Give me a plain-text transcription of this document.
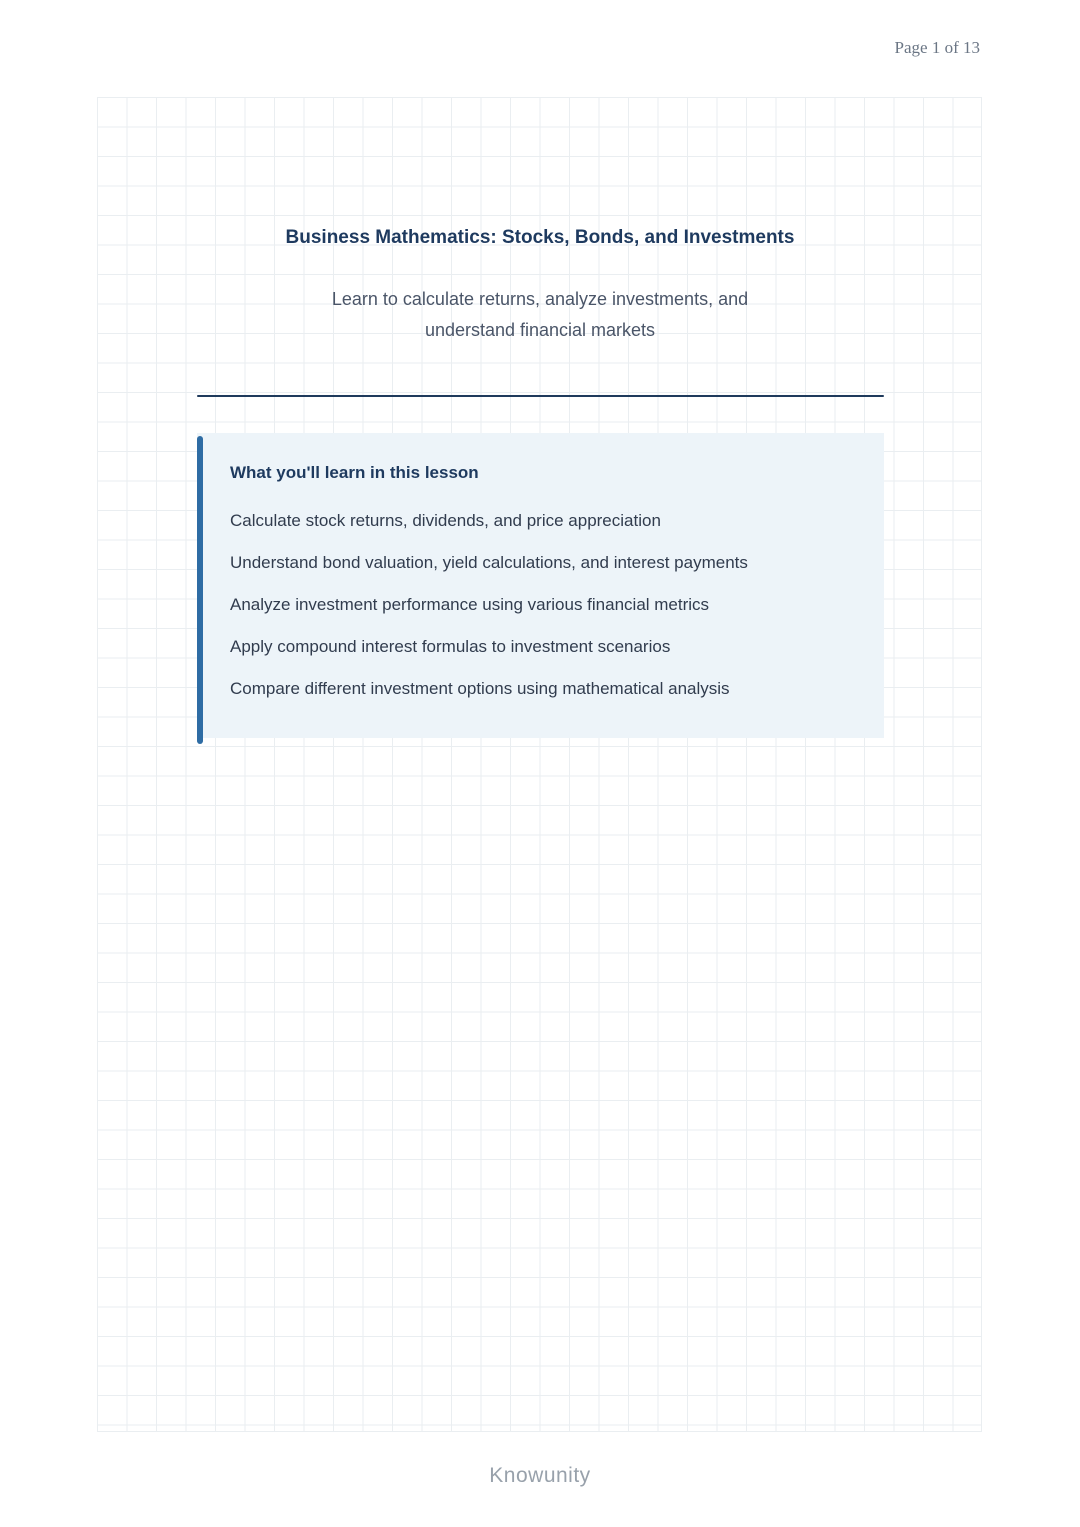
Page 1 of 13
Business Mathematics: Stocks, Bonds, and Investments

Learn to calculate returns, analyze investments, and understand financial markets

What you'll learn in this lesson

Calculate stock returns, dividends, and price appreciation

Understand bond valuation, yield calculations, and interest payments

Analyze investment performance using various financial metrics

Apply compound interest formulas to investment scenarios

Compare different investment options using mathematical analysis

Knowunity
